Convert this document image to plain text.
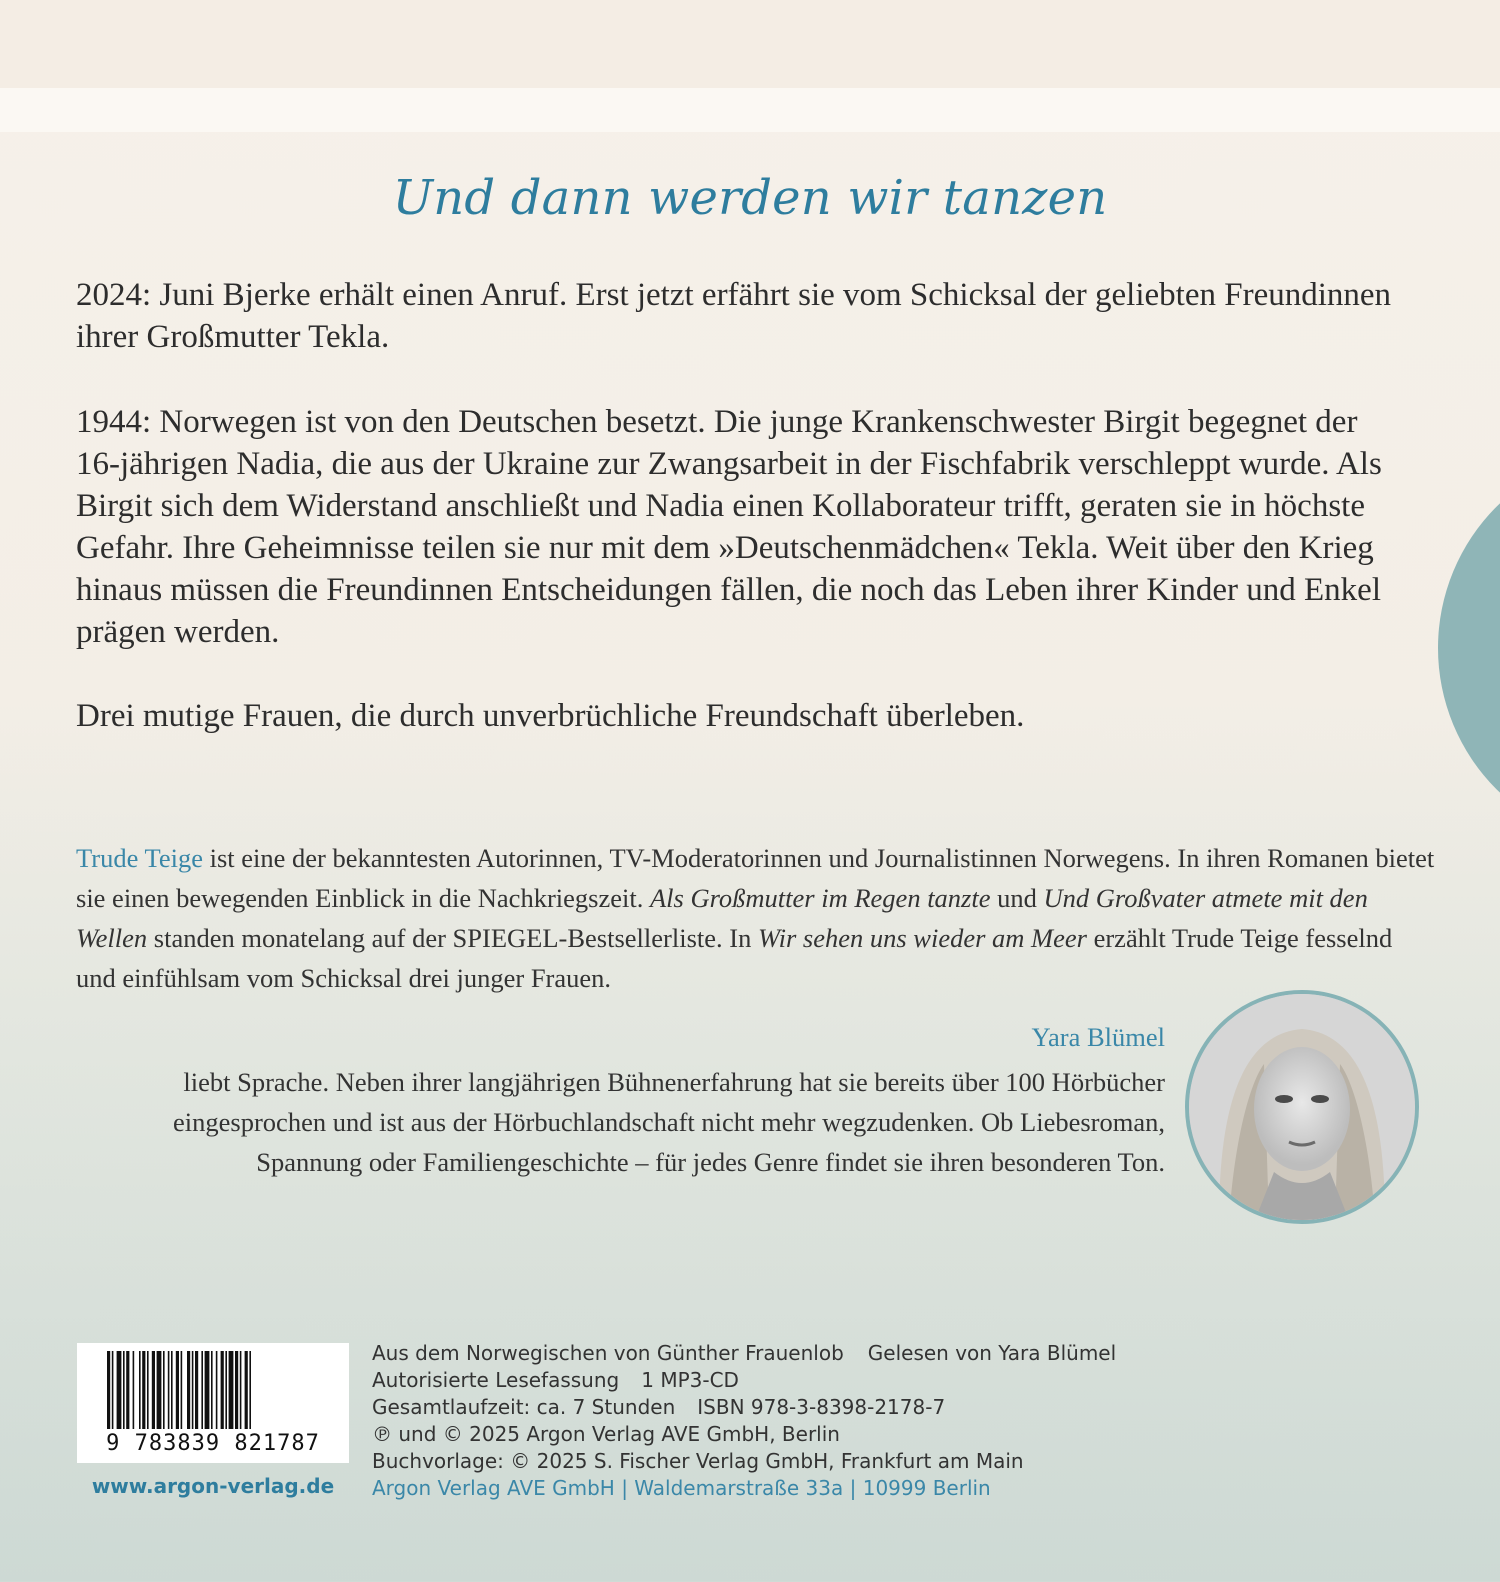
Und dann werden wir tanzen

2024: Juni Bjerke erhält einen Anruf. Erst jetzt erfährt sie vom Schicksal der geliebten Freundinnen ihrer Großmutter Tekla.

1944: Norwegen ist von den Deutschen besetzt. Die junge Krankenschwester Birgit begegnet der 16-jährigen Nadia, die aus der Ukraine zur Zwangsarbeit in der Fischfabrik verschleppt wurde. Als Birgit sich dem Widerstand anschließt und Nadia einen Kollaborateur trifft, geraten sie in höchste Gefahr. Ihre Geheimnisse teilen sie nur mit dem »Deutschenmädchen« Tekla. Weit über den Krieg hinaus müssen die Freundinnen Entscheidungen fällen, die noch das Leben ihrer Kinder und Enkel prägen werden.

Drei mutige Frauen, die durch unverbrüchliche Freundschaft überleben.

Trude Teige ist eine der bekanntesten Autorinnen, TV-Moderatorinnen und Journalistinnen Norwegens. In ihren Romanen bietet sie einen bewegenden Einblick in die Nachkriegszeit. Als Großmutter im Regen tanzte und Und Großvater atmete mit den Wellen standen monatelang auf der SPIEGEL-Bestsellerliste. In Wir sehen uns wieder am Meer erzählt Trude Teige fesselnd und einfühlsam vom Schicksal drei junger Frauen.
Yara Blümel
liebt Sprache. Neben ihrer langjährigen Bühnenerfahrung hat sie bereits über 100 Hörbücher
eingesprochen und ist aus der Hörbuchlandschaft nicht mehr wegzudenken. Ob Liebesroman,
Spannung oder Familiengeschichte – für jedes Genre findet sie ihren besonderen Ton.
9 783839 821787
www.argon-verlag.de
Aus dem Norwegischen von Günther Frauenlob Gelesen von Yara Blümel
Autorisierte Lesefassung 1 MP3-CD
Gesamtlaufzeit: ca. 7 Stunden ISBN 978-3-8398-2178-7
℗ und © 2025 Argon Verlag AVE GmbH, Berlin
Buchvorlage: © 2025 S. Fischer Verlag GmbH, Frankfurt am Main
Argon Verlag AVE GmbH | Waldemarstraße 33a | 10999 Berlin
